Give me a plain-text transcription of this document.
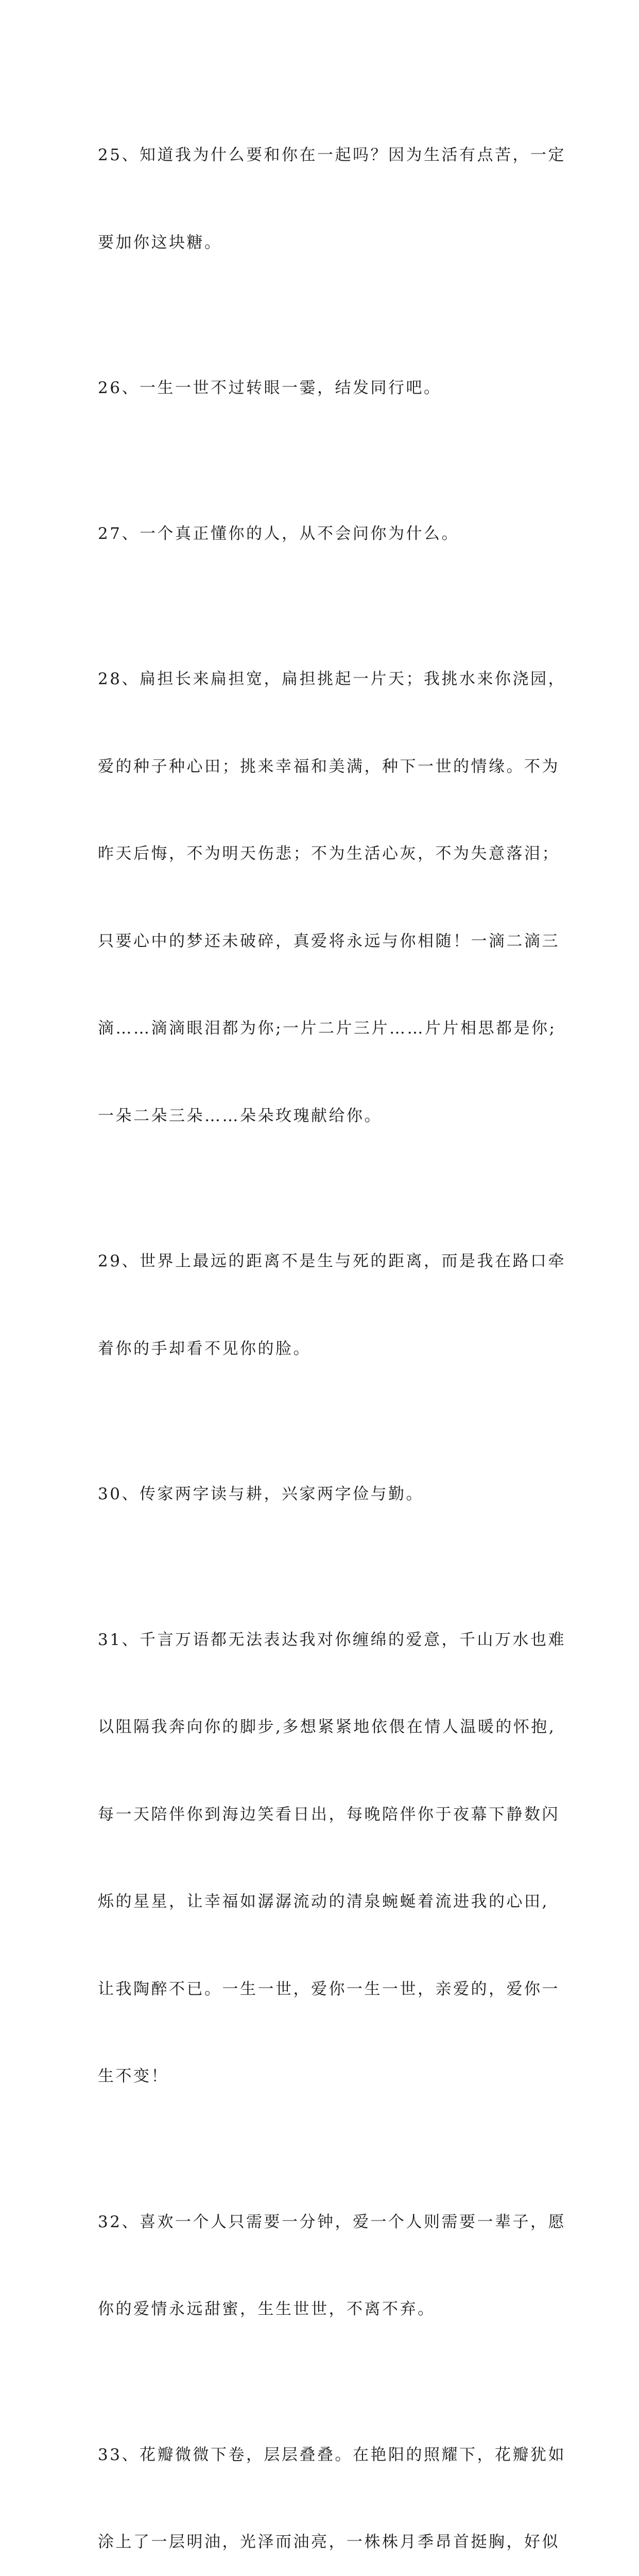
25、知道我为什么要和你在一起吗？因为生活有点苦，一定

要加你这块糖。

26、一生一世不过转眼一霎，结发同行吧。

27、一个真正懂你的人，从不会问你为什么。

28、扁担长来扁担宽，扁担挑起一片天；我挑水来你浇园，

爱的种子种心田；挑来幸福和美满，种下一世的情缘。不为

昨天后悔，不为明天伤悲；不为生活心灰，不为失意落泪；

只要心中的梦还未破碎，真爱将永远与你相随！一滴二滴三

滴……滴滴眼泪都为你;一片二片三片……片片相思都是你;

一朵二朵三朵……朵朵玫瑰献给你。

29、世界上最远的距离不是生与死的距离，而是我在路口牵

着你的手却看不见你的脸。

30、传家两字读与耕，兴家两字俭与勤。

31、千言万语都无法表达我对你缠绵的爱意，千山万水也难

以阻隔我奔向你的脚步,多想紧紧地依偎在情人温暖的怀抱,

每一天陪伴你到海边笑看日出，每晚陪伴你于夜幕下静数闪

烁的星星，让幸福如潺潺流动的清泉蜿蜒着流进我的心田,

让我陶醉不已。一生一世，爱你一生一世，亲爱的，爱你一

生不变！

32、喜欢一个人只需要一分钟，爱一个人则需要一辈子，愿

你的爱情永远甜蜜，生生世世，不离不弃。

33、花瓣微微下卷，层层叠叠。在艳阳的照耀下，花瓣犹如

涂上了一层明油，光泽而油亮，一株株月季昂首挺胸，好似
